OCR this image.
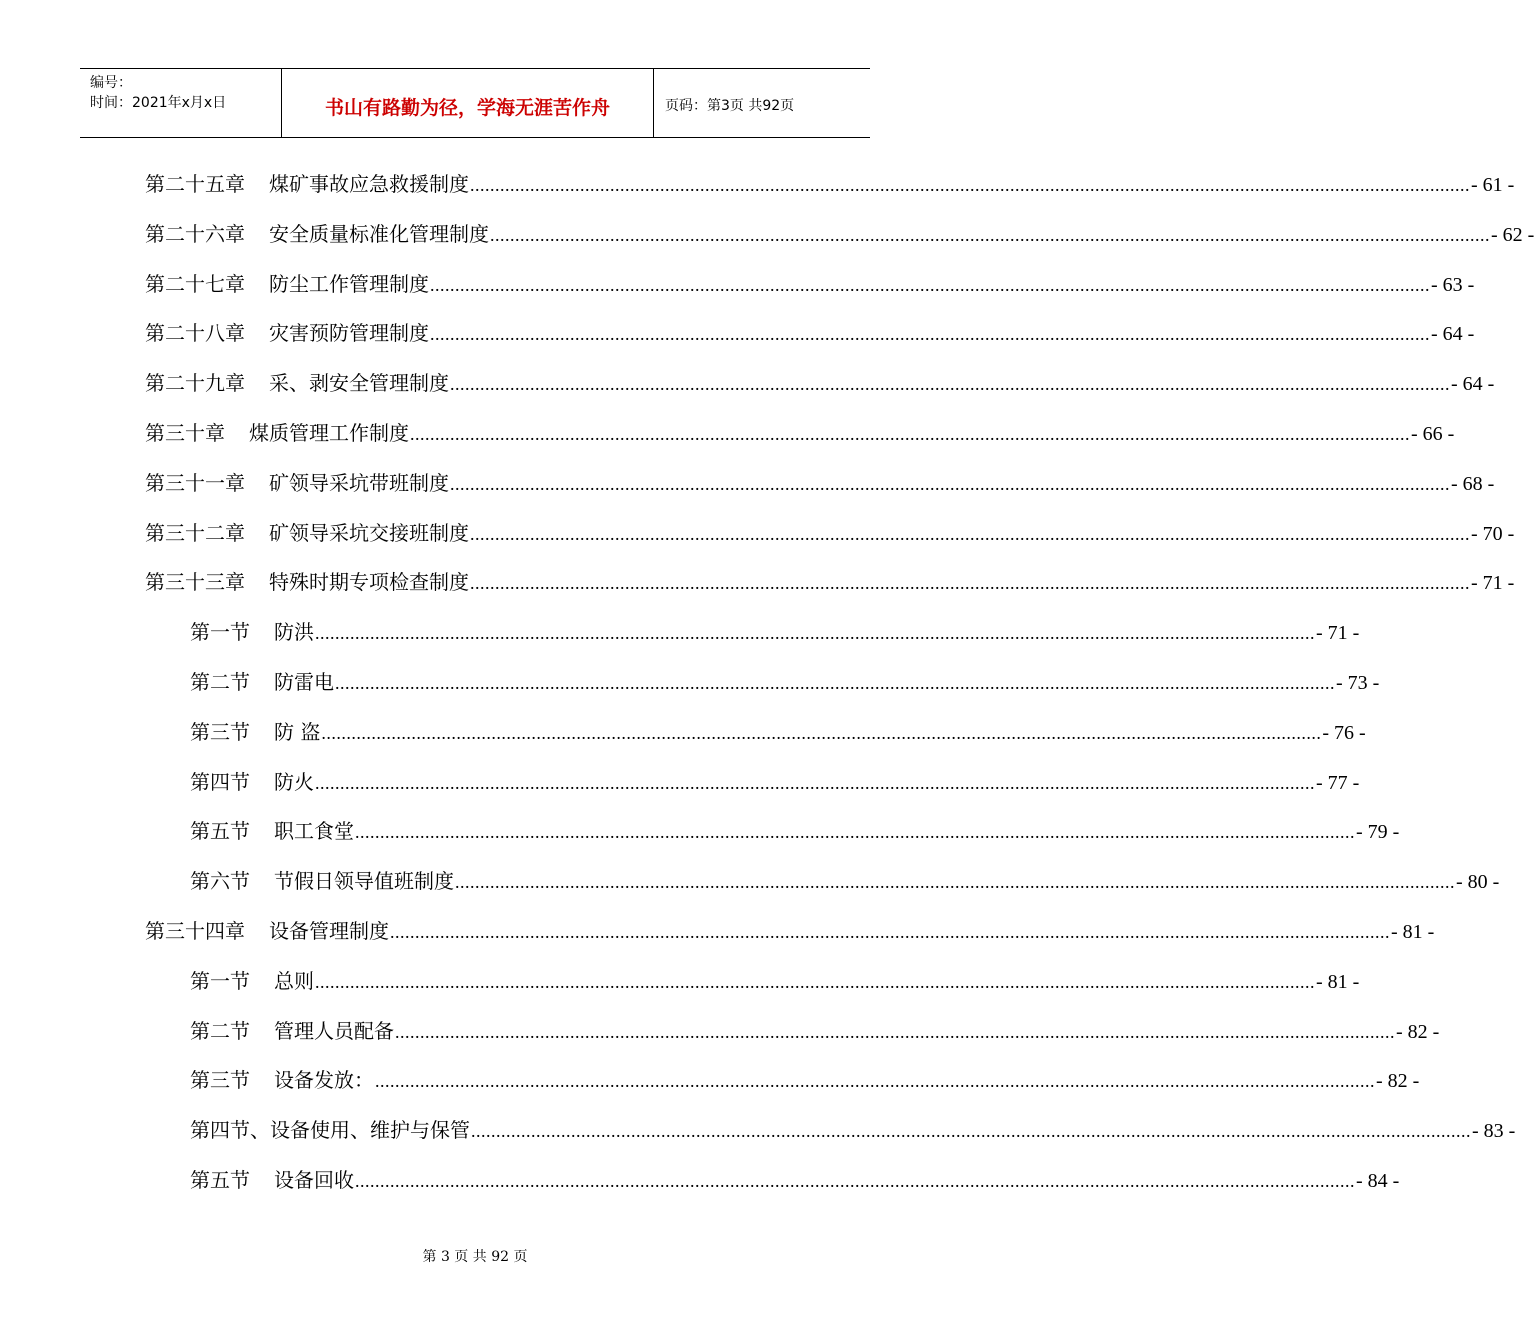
编号：
时间：2021年x月x日	书山有路勤为径，学海无涯苦作舟	页码：第3页 共92页
第二十五章 煤矿事故应急救援制度 ........................................................................................................................................................................................................ - 61 -
第二十六章 安全质量标准化管理制度 ........................................................................................................................................................................................................ - 62 -
第二十七章 防尘工作管理制度 ........................................................................................................................................................................................................ - 63 -
第二十八章 灾害预防管理制度 ........................................................................................................................................................................................................ - 64 -
第二十九章 采、剥安全管理制度 ........................................................................................................................................................................................................ - 64 -
第三十章 煤质管理工作制度 ........................................................................................................................................................................................................ - 66 -
第三十一章 矿领导采坑带班制度 ........................................................................................................................................................................................................ - 68 -
第三十二章 矿领导采坑交接班制度 ........................................................................................................................................................................................................ - 70 -
第三十三章 特殊时期专项检查制度 ........................................................................................................................................................................................................ - 71 -
第一节 防洪 ........................................................................................................................................................................................................ - 71 -
第二节 防雷电 ........................................................................................................................................................................................................ - 73 -
第三节 防 盗 ........................................................................................................................................................................................................ - 76 -
第四节 防火 ........................................................................................................................................................................................................ - 77 -
第五节 职工食堂 ........................................................................................................................................................................................................ - 79 -
第六节 节假日领导值班制度 ........................................................................................................................................................................................................ - 80 -
第三十四章 设备管理制度 ........................................................................................................................................................................................................ - 81 -
第一节 总则 ........................................................................................................................................................................................................ - 81 -
第二节 管理人员配备 ........................................................................................................................................................................................................ - 82 -
第三节 设备发放： ........................................................................................................................................................................................................ - 82 -
第四节、 设备使用、维护与保管 ........................................................................................................................................................................................................ - 83 -
第五节 设备回收 ........................................................................................................................................................................................................ - 84 -
第 3 页 共 92 页
